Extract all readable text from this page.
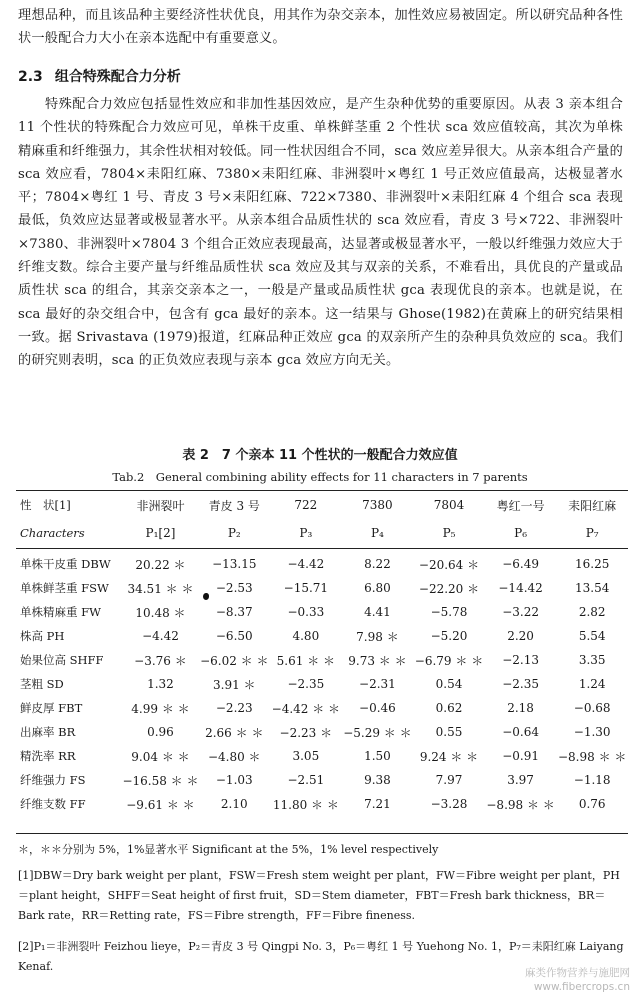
理想品种，而且该品种主要经济性状优良，用其作为杂交亲本，加性效应易被固定。所以研究品种各性状一般配合力大小在亲本选配中有重要意义。
2.3 组合特殊配合力分析
特殊配合力效应包括显性效应和非加性基因效应，是产生杂种优势的重要原因。从表 3 亲本组合 11 个性状的特殊配合力效应可见，单株干皮重、单株鲜茎重 2 个性状 sca 效应值较高，其次为单株精麻重和纤维强力，其余性状相对较低。同一性状因组合不同，sca 效应差异很大。从亲本组合产量的 sca 效应看，7804×耒阳红麻、7380×耒阳红麻、非洲裂叶×粤红 1 号正效应值最高，达极显著水平；7804×粤红 1 号、青皮 3 号×耒阳红麻、722×7380、非洲裂叶×耒阳红麻 4 个组合 sca 表现最低，负效应达显著或极显著水平。从亲本组合品质性状的 sca 效应看，青皮 3 号×722、非洲裂叶×7380、非洲裂叶×7804 3 个组合正效应表现最高，达显著或极显著水平，一般以纤维强力效应大于纤维支数。综合主要产量与纤维品质性状 sca 效应及其与双亲的关系，不难看出，具优良的产量或品质性状 sca 的组合，其亲交亲本之一，一般是产量或品质性状 gca 表现优良的亲本。也就是说，在 sca 最好的杂交组合中，包含有 gca 最好的亲本。这一结果与 Ghose(1982)在黄麻上的研究结果相一致。据 Srivastava (1979)报道，红麻品种正效应 gca 的双亲所产生的杂种具负效应的 sca。我们的研究则表明，sca 的正负效应表现与亲本 gca 效应方向无关。
表 2　7 个亲本 11 个性状的一般配合力效应值
Tab.2　General combining ability effects for 11 characters in 7 parents
性　状[1]	非洲裂叶	青皮 3 号	722	7380	7804	粤红一号	耒阳红麻
Characters	P₁[2]	P₂	P₃	P₄	P₅	P₆	P₇
单株干皮重 DBW	20.22 ＊	−13.15	−4.42	8.22	−20.64 ＊	−6.49	16.25
单株鲜茎重 FSW	34.51 ＊ ＊	−2.53	−15.71	6.80	−22.20 ＊	−14.42	13.54
单株精麻重 FW	10.48 ＊	−8.37	−0.33	4.41	−5.78	−3.22	2.82
株高 PH	−4.42	−6.50	4.80	7.98 ＊	−5.20	2.20	5.54
始果位高 SHFF	−3.76 ＊	−6.02 ＊ ＊	5.61 ＊ ＊	9.73 ＊ ＊	−6.79 ＊ ＊	−2.13	3.35
茎粗 SD	1.32	3.91 ＊	−2.35	−2.31	0.54	−2.35	1.24
鲜皮厚 FBT	4.99 ＊ ＊	−2.23	−4.42 ＊ ＊	−0.46	0.62	2.18	−0.68
出麻率 BR	0.96	2.66 ＊ ＊	−2.23 ＊	−5.29 ＊ ＊	0.55	−0.64	−1.30
精洗率 RR	9.04 ＊ ＊	−4.80 ＊	3.05	1.50	9.24 ＊ ＊	−0.91	−8.98 ＊ ＊
纤维强力 FS	−16.58 ＊ ＊	−1.03	−2.51	9.38	7.97	3.97	−1.18
纤维支数 FF	−9.61 ＊ ＊	2.10	11.80 ＊ ＊	7.21	−3.28	−8.98 ＊ ＊	0.76
＊，＊＊分别为 5%，1%显著水平 Significant at the 5%，1% level respectively
[1]DBW＝Dry bark weight per plant，FSW＝Fresh stem weight per plant，FW＝Fibre weight per plant，PH＝plant height，SHFF＝Seat height of first fruit，SD＝Stem diameter，FBT＝Fresh bark thickness，BR＝Bark rate，RR＝Retting rate，FS＝Fibre strength，FF＝Fibre fineness.
[2]P₁＝非洲裂叶 Feizhou lieye，P₂＝青皮 3 号 Qingpi No. 3，P₆＝粤红 1 号 Yuehong No. 1，P₇＝耒阳红麻 Laiyang Kenaf.	麻类作物营养与施肥网
www.fibercrops.cn
